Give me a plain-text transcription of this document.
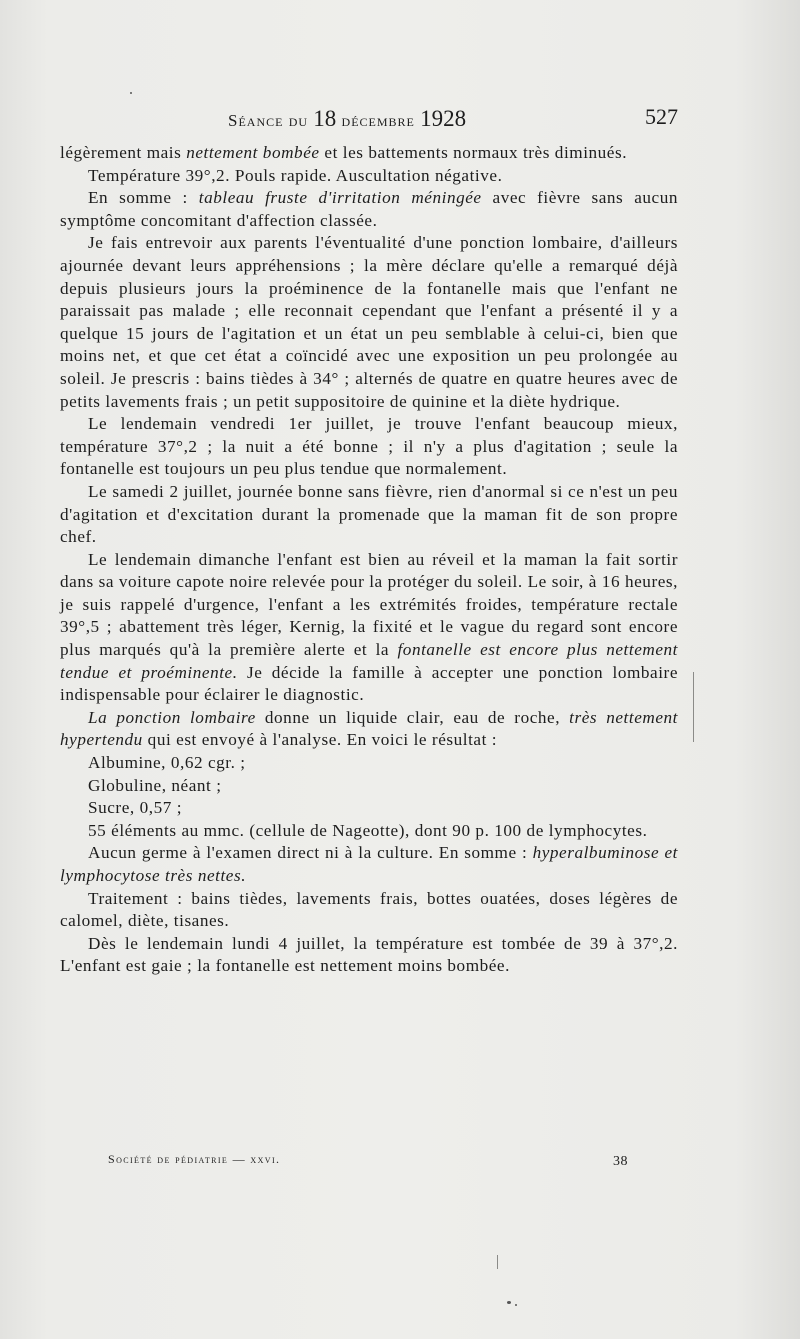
Séance du 18 décembre 1928	527

légèrement mais nettement bombée et les battements normaux très diminués.

Température 39°,2. Pouls rapide. Auscultation négative.

En somme : tableau fruste d'irritation méningée avec fièvre sans aucun symptôme concomitant d'affection classée.

Je fais entrevoir aux parents l'éventualité d'une ponction lombaire, d'ailleurs ajournée devant leurs appréhensions ; la mère déclare qu'elle a remarqué déjà depuis plusieurs jours la proéminence de la fontanelle mais que l'enfant ne paraissait pas malade ; elle reconnait cependant que l'enfant a présenté il y a quelque 15 jours de l'agitation et un état un peu semblable à celui-ci, bien que moins net, et que cet état a coïncidé avec une exposition un peu prolongée au soleil. Je prescris : bains tièdes à 34° ; alternés de quatre en quatre heures avec de petits lavements frais ; un petit suppositoire de quinine et la diète hydrique.

Le lendemain vendredi 1er juillet, je trouve l'enfant beaucoup mieux, température 37°,2 ; la nuit a été bonne ; il n'y a plus d'agitation ; seule la fontanelle est toujours un peu plus tendue que normalement.

Le samedi 2 juillet, journée bonne sans fièvre, rien d'anormal si ce n'est un peu d'agitation et d'excitation durant la promenade que la maman fit de son propre chef.

Le lendemain dimanche l'enfant est bien au réveil et la maman la fait sortir dans sa voiture capote noire relevée pour la protéger du soleil. Le soir, à 16 heures, je suis rappelé d'urgence, l'enfant a les extrémités froides, température rectale 39°,5 ; abattement très léger, Kernig, la fixité et le vague du regard sont encore plus marqués qu'à la première alerte et la fontanelle est encore plus nettement tendue et proéminente. Je décide la famille à accepter une ponction lombaire indispensable pour éclairer le diagnostic.

La ponction lombaire donne un liquide clair, eau de roche, très nettement hypertendu qui est envoyé à l'analyse. En voici le résultat :

Albumine, 0,62 cgr. ;

Globuline, néant ;

Sucre, 0,57 ;

55 éléments au mmc. (cellule de Nageotte), dont 90 p. 100 de lymphocytes.

Aucun germe à l'examen direct ni à la culture. En somme : hyperalbuminose et lymphocytose très nettes.

Traitement : bains tièdes, lavements frais, bottes ouatées, doses légères de calomel, diète, tisanes.

Dès le lendemain lundi 4 juillet, la température est tombée de 39 à 37°,2. L'enfant est gaie ; la fontanelle est nettement moins bombée.

Société de pédiatrie — xxvi.	38
